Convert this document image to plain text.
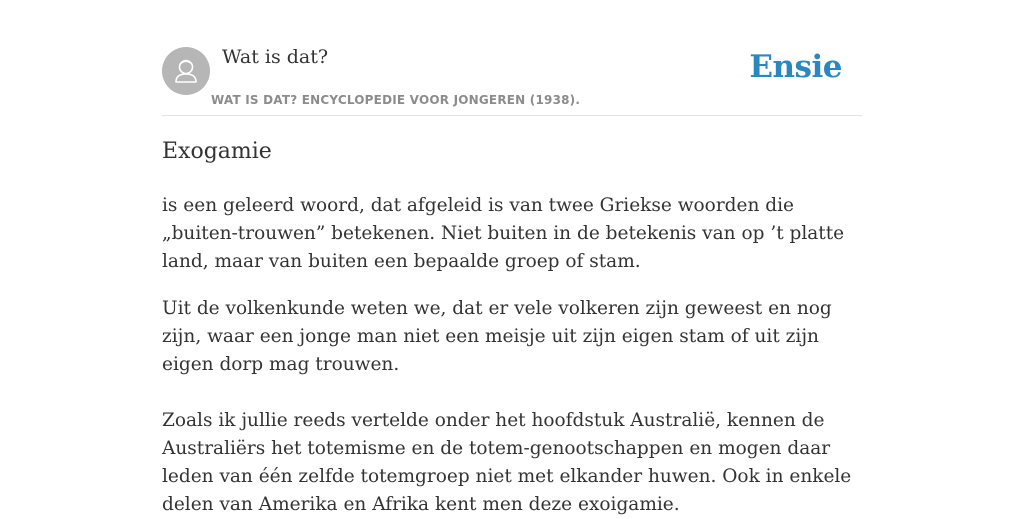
Wat is dat?
WAT IS DAT? ENCYCLOPEDIE VOOR JONGEREN (1938).
Ensie
Exogamie

is een geleerd woord, dat afgeleid is van twee Griekse woorden die „buiten-trouwen” betekenen. Niet buiten in de betekenis van op ’t platte land, maar van buiten een bepaalde groep of stam.

Uit de volkenkunde weten we, dat er vele volkeren zijn geweest en nog zijn, waar een jonge man niet een meisje uit zijn eigen stam of uit zijn eigen dorp mag trouwen.

Zoals ik jullie reeds vertelde onder het hoofdstuk Australië, kennen de Australiërs het totemisme en de totem-genootschappen en mogen daar leden van één zelfde totemgroep niet met elkander huwen. Ook in enkele delen van Amerika en Afrika kent men deze exoigamie.
